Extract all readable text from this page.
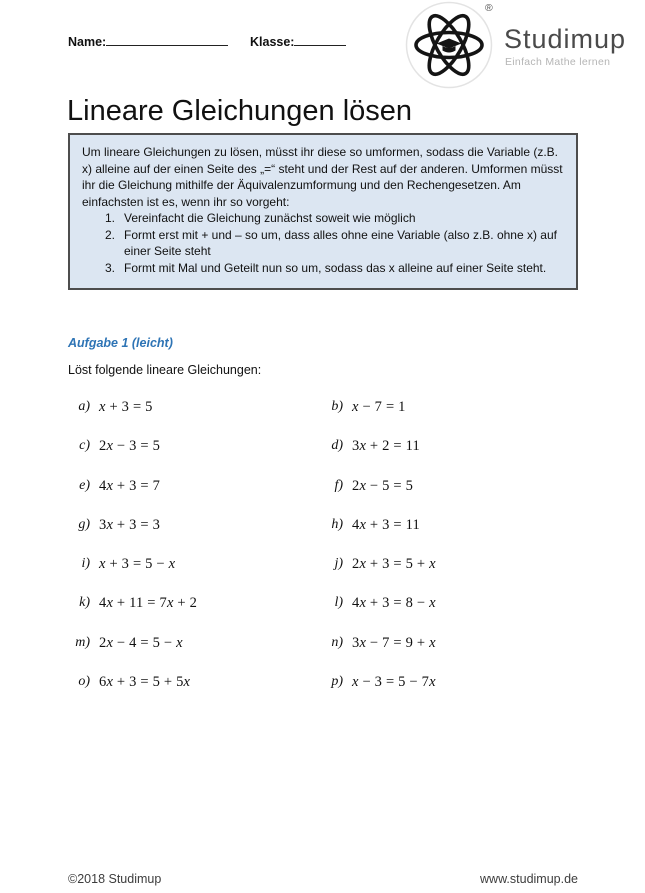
Name:	Klasse:
®
Studimup
Einfach Mathe lernen
Lineare Gleichungen lösen
Um lineare Gleichungen zu lösen, müsst ihr diese so umformen, sodass die Variable (z.B. x) alleine auf der einen Seite des „=“ steht und der Rest auf der anderen. Umformen müsst ihr die Gleichung mithilfe der Äquivalenzumformung und den Rechengesetzen. Am einfachsten ist es, wenn ihr so vorgeht:
1. Vereinfacht die Gleichung zunächst soweit wie möglich
2. Formt erst mit + und – so um, dass alles ohne eine Variable (also z.B. ohne x) auf einer Seite steht
3. Formt mit Mal und Geteilt nun so um, sodass das x alleine auf einer Seite steht.
Aufgabe 1 (leicht)
Löst folgende lineare Gleichungen:
a) x + 3 = 5	b) x − 7 = 1
c) 2x − 3 = 5	d) 3x + 2 = 11
e) 4x + 3 = 7	f) 2x − 5 = 5
g) 3x + 3 = 3	h) 4x + 3 = 11
i) x + 3 = 5 − x	j) 2x + 3 = 5 + x
k) 4x + 11 = 7x + 2	l) 4x + 3 = 8 − x
m) 2x − 4 = 5 − x	n) 3x − 7 = 9 + x
o) 6x + 3 = 5 + 5x	p) x − 3 = 5 − 7x
©2018 Studimup	www.studimup.de
